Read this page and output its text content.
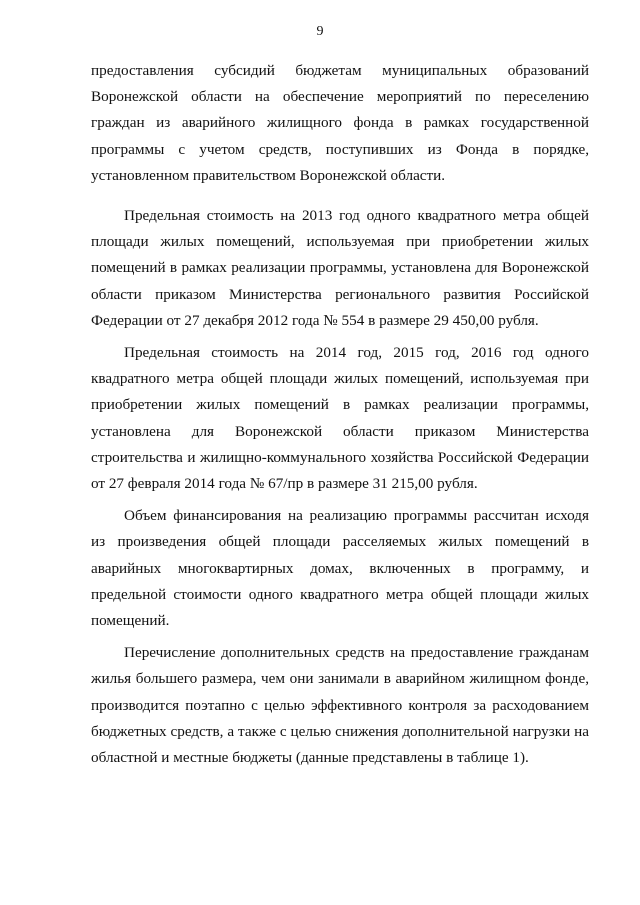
9

предоставления субсидий бюджетам муниципальных образований Воронежской области на обеспечение мероприятий по переселению граждан из аварийного жилищного фонда в рамках государственной программы с учетом средств, поступивших из Фонда в порядке, установленном правительством Воронежской области.

Предельная стоимость на 2013 год одного квадратного метра общей площади жилых помещений, используемая при приобретении жилых помещений в рамках реализации программы, установлена для Воронежской области приказом Министерства регионального развития Российской Федерации от 27 декабря 2012 года № 554 в размере 29 450,00 рубля.

Предельная стоимость на 2014 год, 2015 год, 2016 год одного квадратного метра общей площади жилых помещений, используемая при приобретении жилых помещений в рамках реализации программы, установлена для Воронежской области приказом Министерства строительства и жилищно-коммунального хозяйства Российской Федерации от 27 февраля 2014 года № 67/пр в размере 31 215,00 рубля.

Объем финансирования на реализацию программы рассчитан исходя из произведения общей площади расселяемых жилых помещений в аварийных многоквартирных домах, включенных в программу, и предельной стоимости одного квадратного метра общей площади жилых помещений.

Перечисление дополнительных средств на предоставление гражданам жилья большего размера, чем они занимали в аварийном жилищном фонде, производится поэтапно с целью эффективного контроля за расходованием бюджетных средств, а также с целью снижения дополнительной нагрузки на областной и местные бюджеты (данные представлены в таблице 1).
